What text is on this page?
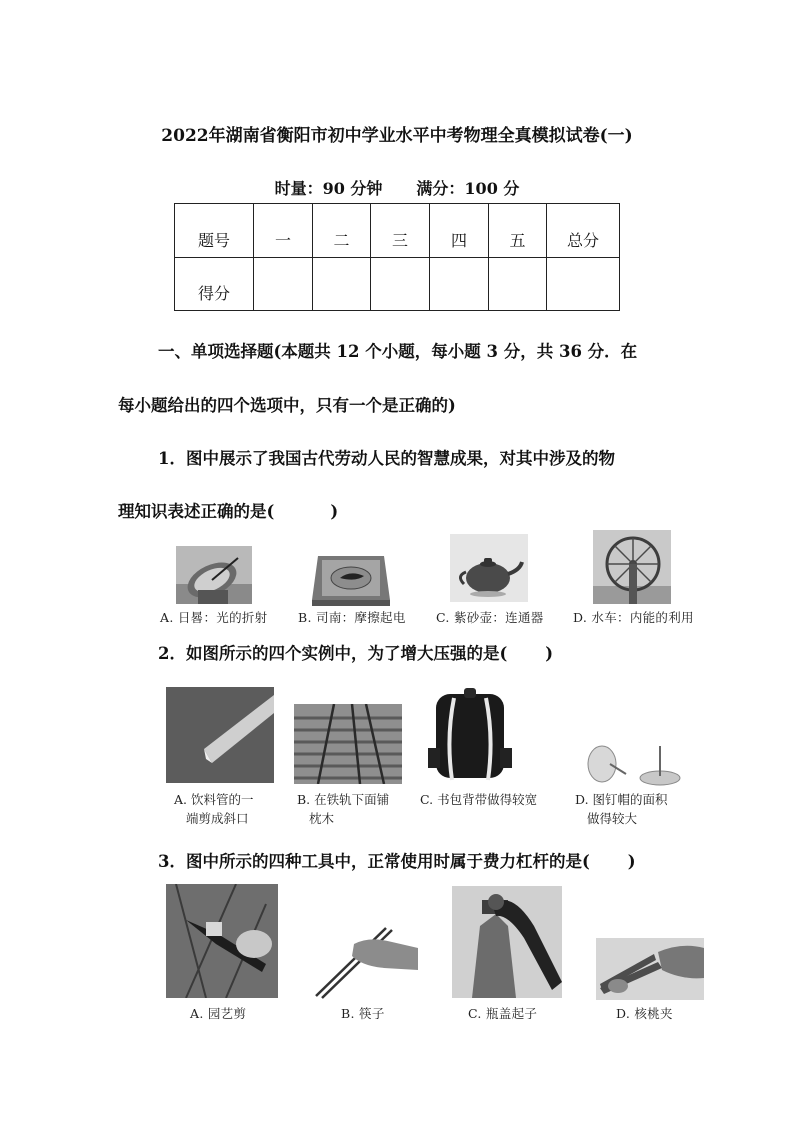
2022年湖南省衡阳市初中学业水平中考物理全真模拟试卷(一)
时量：90 分钟 满分：100 分
题号	一	二	三	四	五	总分
得分						
一、单项选择题(本题共 12 个小题，每小题 3 分，共 36 分．在
每小题给出的四个选项中，只有一个是正确的)
1．图中展示了我国古代劳动人民的智慧成果，对其中涉及的物
理知识表述正确的是(	)
A. 日晷：光的折射 B. 司南：摩擦起电 C. 紫砂壶：连通器 D. 水车：内能的利用
2．如图所示的四个实例中，为了增大压强的是( )
A. 饮料管的一
端剪成斜口
B. 在铁轨下面铺
枕木
C. 书包背带做得较宽	D. 图钉帽的面积
做得较大
3．图中所示的四种工具中，正常使用时属于费力杠杆的是( )
A. 园艺剪	B. 筷子	C. 瓶盖起子	D. 核桃夹
